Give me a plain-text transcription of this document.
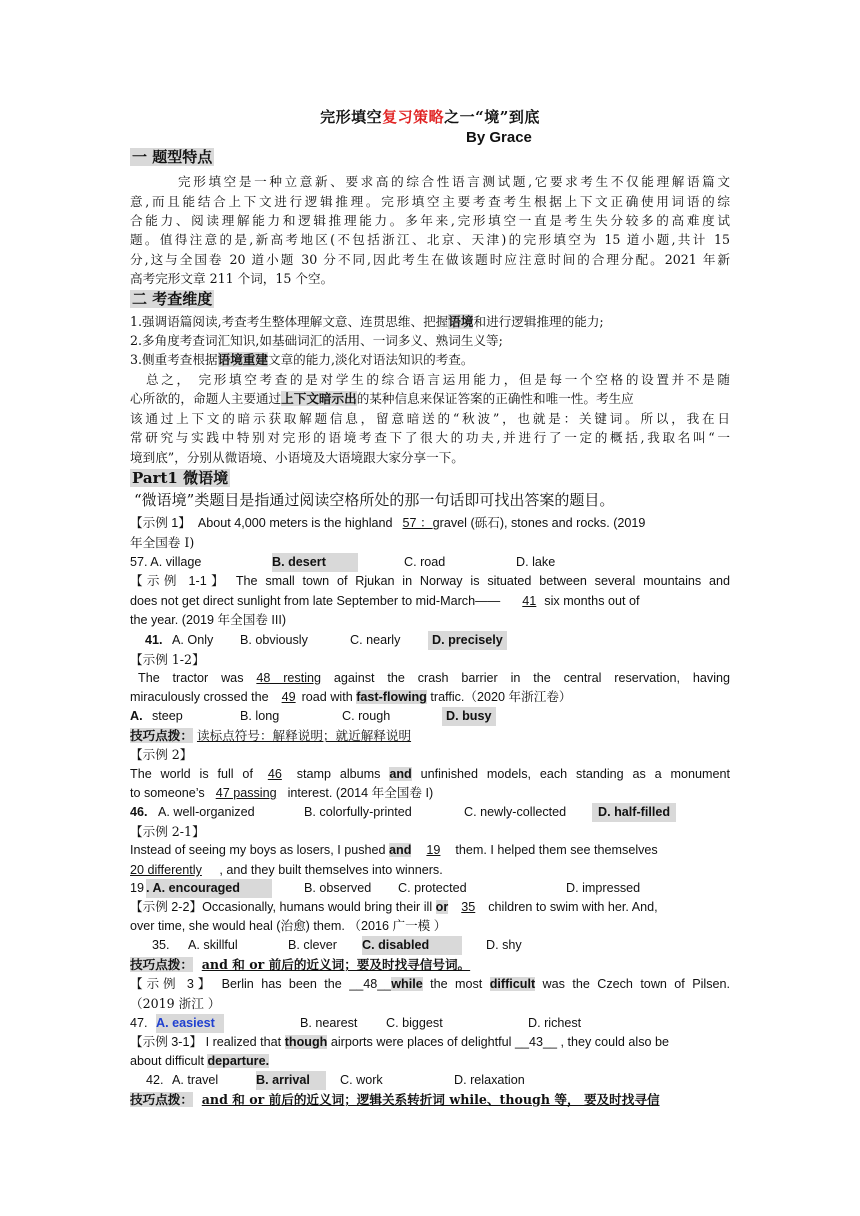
完形填空复习策略之一“境”到底
By Grace
一 题型特点
完形填空是一种立意新、要求高的综合性语言测试题,它要求考生不仅能理解语篇文
意,而且能结合上下文进行逻辑推理。完形填空主要考查考生根据上下文正确使用词语的综
合能力、阅读理解能力和逻辑推理能力。多年来,完形填空一直是考生失分较多的高难度试
题。值得注意的是,新高考地区(不包括浙江、北京、天津)的完形填空为 15 道小题,共计 15
分,这与全国卷 20 道小题 30 分不同,因此考生在做该题时应注意时间的合理分配。2021 年新
高考完形文章 211 个词，15 个空。
二 考查维度
1.强调语篇阅读,考查考生整体理解文意、连贯思维、把握语境和进行逻辑推理的能力;
2.多角度考查词汇知识,如基础词汇的活用、一词多义、熟词生义等;
3.侧重考查根据语境重建文章的能力,淡化对语法知识的考查。
总之， 完形填空考查的是对学生的综合语言运用能力，但是每一个空格的设置并不是随
心所欲的，命题人主要通过上下文暗示出的某种信息来保证答案的正确性和唯一性。考生应
该通过上下文的暗示获取解题信息，留意暗送的“秋波”，也就是：关键词。所以，我在日
常研究与实践中特别对完形的语境考查下了很大的功夫,并进行了一定的概括,我取名叫“一
境到底”，分别从微语境、小语境及大语境跟大家分享一下。
Part1 微语境
“微语境”类题目是指通过阅读空格所处的那一句话即可找出答案的题目。
【示例 1】 About 4,000 meters is the highland 57 ：gravel (砾石), stones and rocks. (2019
年全国卷 I)
57. A. village	B. desert	C. road	D. lake
【示例 1-1】 The small town of Rjukan in Norway is situated between several mountains and
does not get direct sunlight from late September to mid-March—— 41 six months out of
the year. (2019 年全国卷 III)
41. A. Only B. obviously	C. nearly	D. precisely
【示例 1-2】
The tractor was 48 resting against the crash barrier in the central reservation, having
miraculously crossed the 49 road with fast-flowing traffic.（2020 年浙江卷）
A. steep	B. long	C. rough	D. busy
技巧点拨： 读标点符号：解释说明；就近解释说明
【示例 2】
The world is full of 46 stamp albums and unfinished models, each standing as a monument
to someone’s 47 passing interest. (2014 年全国卷 I)
46. A. well-organized	B. colorfully-printed	C. newly-collected	D. half-filled
【示例 2-1】
Instead of seeing my boys as losers, I pushed and 19 them. I helped them see themselves
20 differently , and they built themselves into winners.
19 . A. encouraged	B. observed C. protected	D. impressed
【示例 2-2】Occasionally, humans would bring their ill or 35 children to swim with her. And,
over time, she would heal (治愈) them. （2016 广一模 ）
35. A. skillful	B. clever C. disabled	D. shy
技巧点拨： and 和 or 前后的近义词；要及时找寻信号词。
【示例 3】 Berlin has been the __48__while the most difficult was the Czech town of Pilsen.
（2019 浙江 ）
47. A. easiest	B. nearest C. biggest	D. richest
【示例 3-1】 I realized that though airports were places of delightful __43__ , they could also be
about difficult departure.
42. A. travel	B. arrival	C. work	D. relaxation
技巧点拨： and 和 or 前后的近义词；逻辑关系转折词 while、though 等， 要及时找寻信
